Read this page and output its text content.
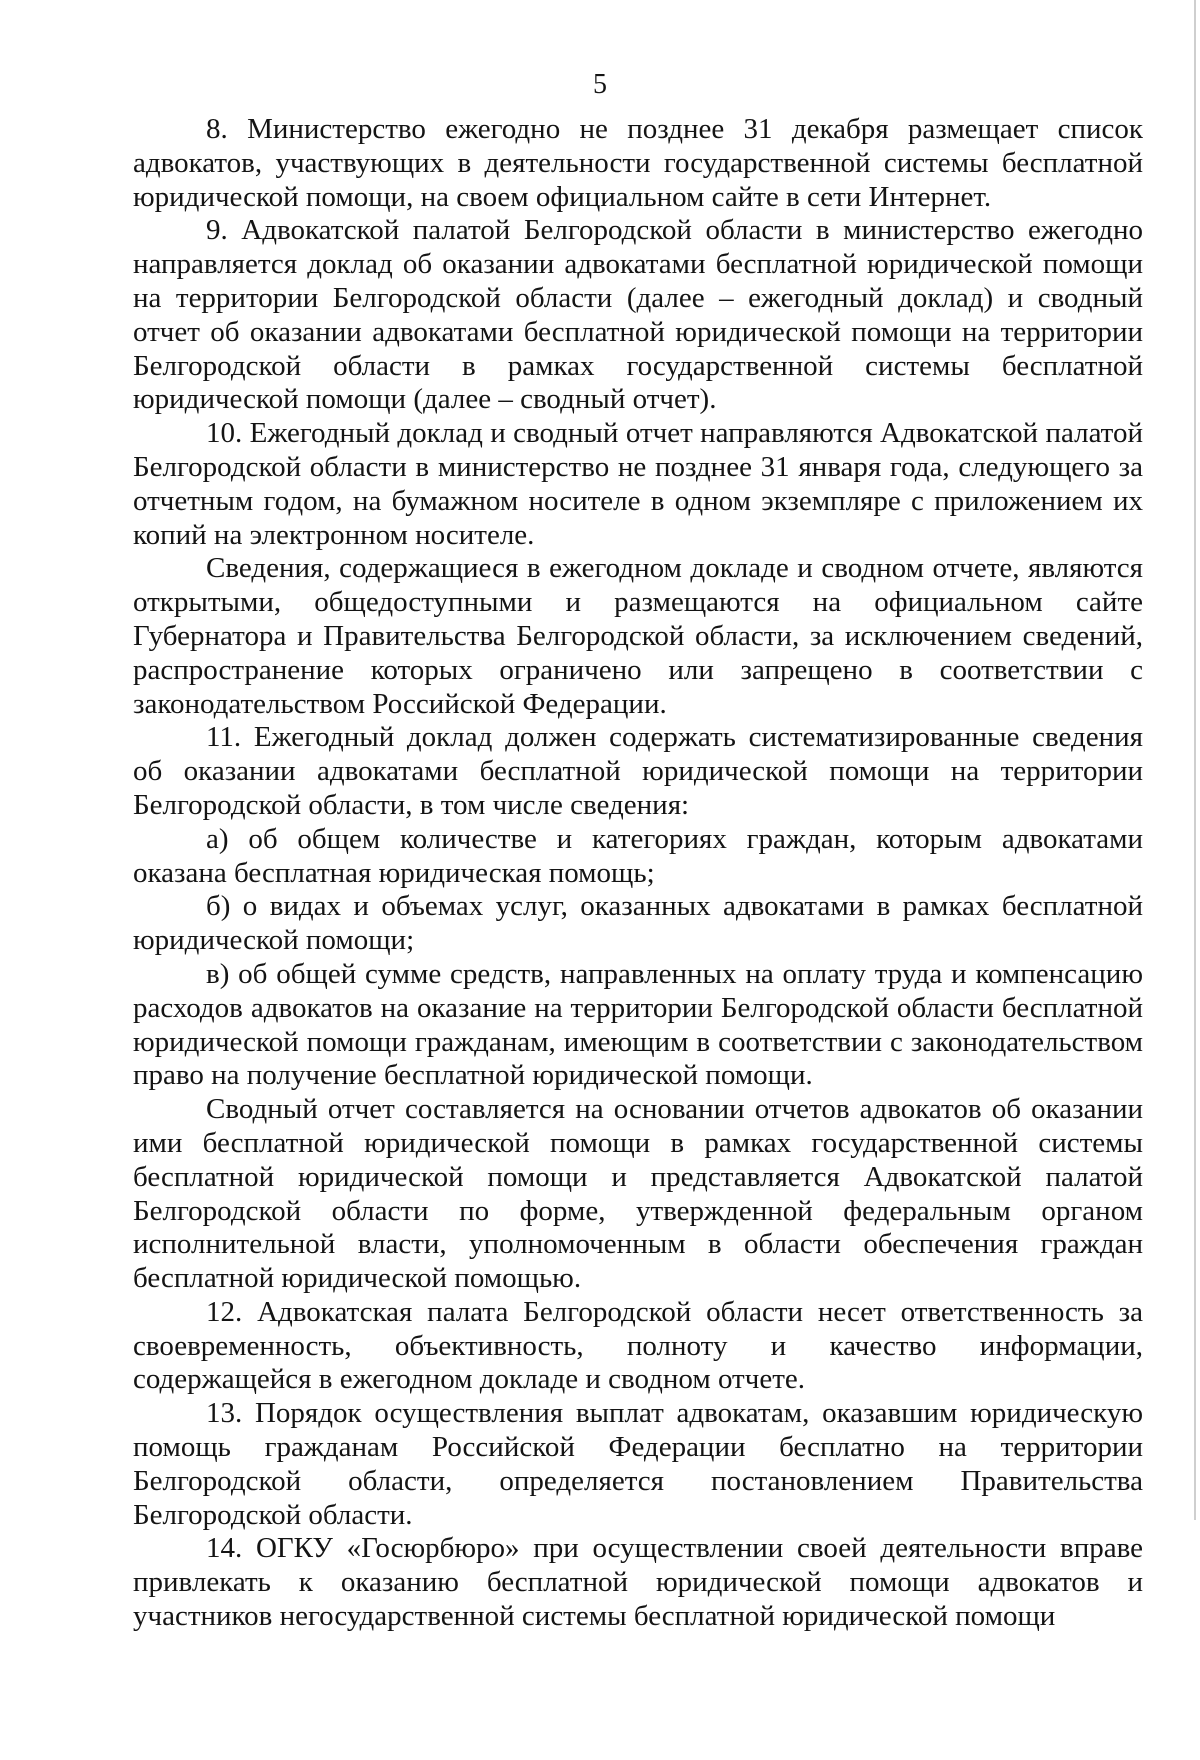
5

8. Министерство ежегодно не позднее 31 декабря размещает список адвокатов, участвующих в деятельности государственной системы бесплатной юридической помощи, на своем официальном сайте в сети Интернет.

9. Адвокатской палатой Белгородской области в министерство ежегодно направляется доклад об оказании адвокатами бесплатной юридической помощи на территории Белгородской области (далее – ежегодный доклад) и сводный отчет об оказании адвокатами бесплатной юридической помощи на территории Белгородской области в рамках государственной системы бесплатной юридической помощи (далее – сводный отчет).

10. Ежегодный доклад и сводный отчет направляются Адвокатской палатой Белгородской области в министерство не позднее 31 января года, следующего за отчетным годом, на бумажном носителе в одном экземпляре с приложением их копий на электронном носителе.

Сведения, содержащиеся в ежегодном докладе и сводном отчете, являются открытыми, общедоступными и размещаются на официальном сайте Губернатора и Правительства Белгородской области, за исключением сведений, распространение которых ограничено или запрещено в соответствии с законодательством Российской Федерации.

11. Ежегодный доклад должен содержать систематизированные сведения об оказании адвокатами бесплатной юридической помощи на территории Белгородской области, в том числе сведения:

а) об общем количестве и категориях граждан, которым адвокатами оказана бесплатная юридическая помощь;

б) о видах и объемах услуг, оказанных адвокатами в рамках бесплатной юридической помощи;

в) об общей сумме средств, направленных на оплату труда и компенсацию расходов адвокатов на оказание на территории Белгородской области бесплатной юридической помощи гражданам, имеющим в соответствии с законодательством право на получение бесплатной юридической помощи.

Сводный отчет составляется на основании отчетов адвокатов об оказании ими бесплатной юридической помощи в рамках государственной системы бесплатной юридической помощи и представляется Адвокатской палатой Белгородской области по форме, утвержденной федеральным органом исполнительной власти, уполномоченным в области обеспечения граждан бесплатной юридической помощью.

12. Адвокатская палата Белгородской области несет ответственность за своевременность, объективность, полноту и качество информации, содержащейся в ежегодном докладе и сводном отчете.

13. Порядок осуществления выплат адвокатам, оказавшим юридическую помощь гражданам Российской Федерации бесплатно на территории Белгородской области, определяется постановлением Правительства Белгородской области.

14. ОГКУ «Госюрбюро» при осуществлении своей деятельности вправе привлекать к оказанию бесплатной юридической помощи адвокатов и участников негосударственной системы бесплатной юридической помощи
